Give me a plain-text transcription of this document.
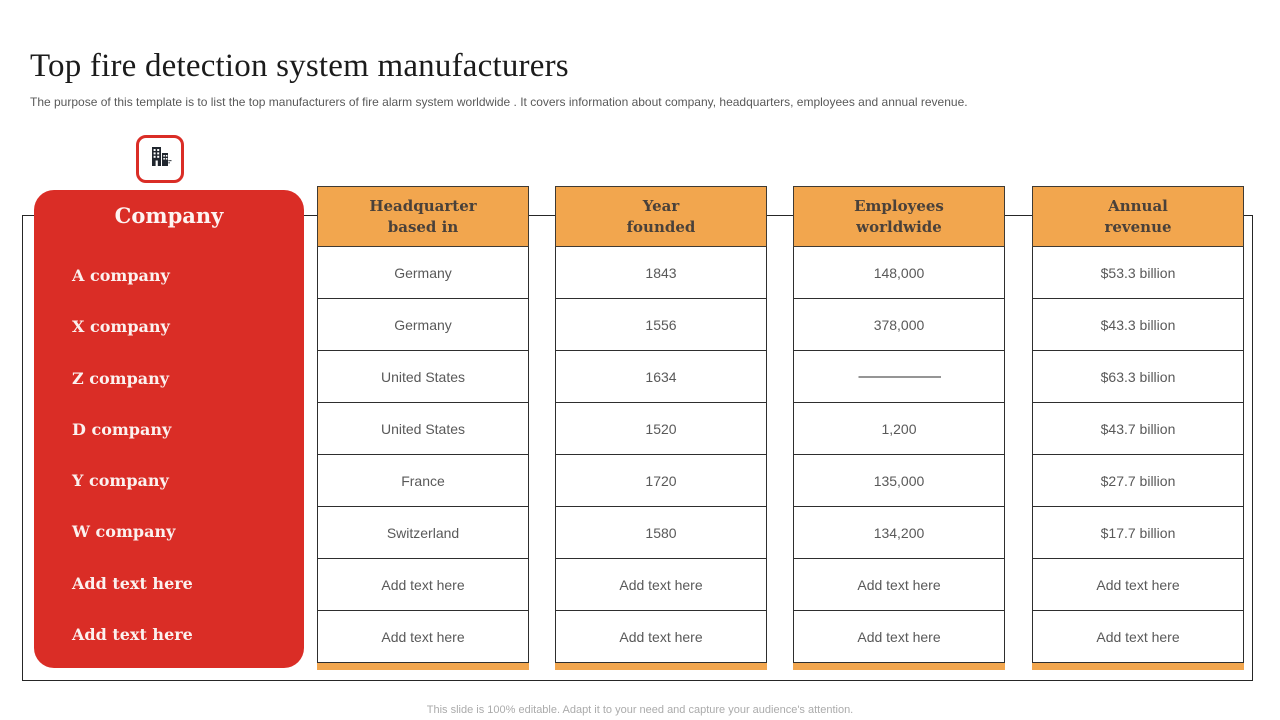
Top fire detection system manufacturers

The purpose of this template is to list the top manufacturers of fire alarm system worldwide . It covers information about company, headquarters, employees and annual revenue.

Company
A company
X company
Z company
D company
Y company
W company
Add text here
Add text here
Headquarter
based in
Germany
Germany
United States
United States
France
Switzerland
Add text here
Add text here
Year
founded
1843
1556
1634
1520
1720
1580
Add text here
Add text here
Employees
worldwide
148,000
378,000
——————
1,200
135,000
134,200
Add text here
Add text here
Annual
revenue
$53.3 billion
$43.3 billion
$63.3 billion
$43.7 billion
$27.7 billion
$17.7 billion
Add text here
Add text here
This slide is 100% editable. Adapt it to your need and capture your audience's attention.
